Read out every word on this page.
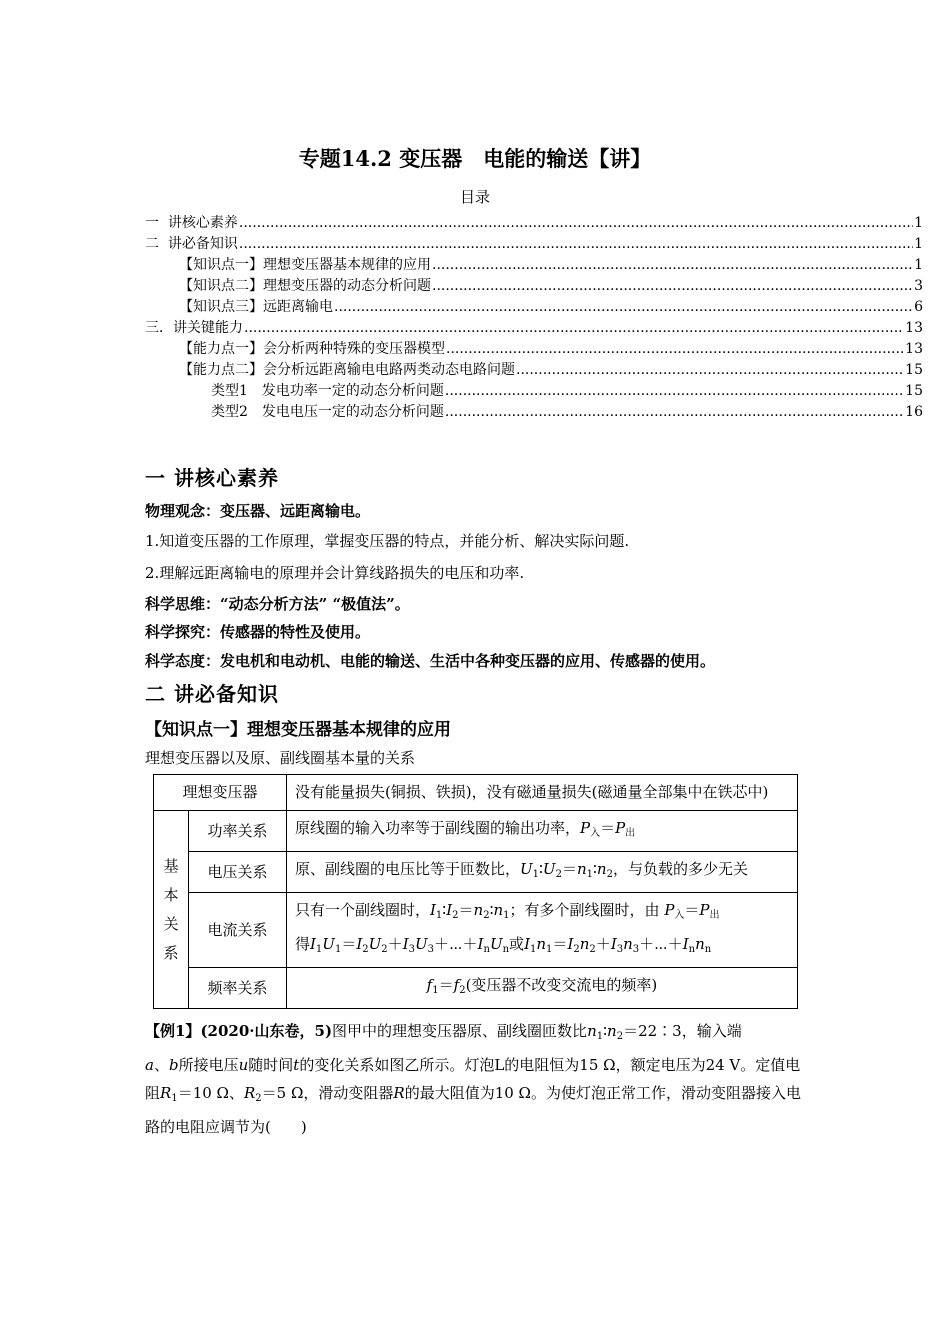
专题14.2 变压器　电能的输送【讲】
目录
一  讲核心素养 .....	1
二  讲必备知识 .....	1
【知识点一】理想变压器基本规律的应用 .....	1
【知识点二】理想变压器的动态分析问题 .....	3
【知识点三】远距离输电 .....	6
三．讲关键能力 .....	13
【能力点一】会分析两种特殊的变压器模型 .....	13
【能力点二】会分析远距离输电电路两类动态电路问题 .....	15
类型1　发电功率一定的动态分析问题 .....	15
类型2　发电电压一定的动态分析问题 .....	16
一 讲核心素养
物理观念：变压器、远距离输电。
1.知道变压器的工作原理，掌握变压器的特点，并能分析、解决实际问题.
2.理解远距离输电的原理并会计算线路损失的电压和功率.
科学思维：“动态分析方法” “极值法”。
科学探究：传感器的特性及使用。
科学态度：发电机和电动机、电能的输送、生活中各种变压器的应用、传感器的使用。
二 讲必备知识
【知识点一】理想变压器基本规律的应用
理想变压器以及原、副线圈基本量的关系
理想变压器		没有能量损失(铜损、铁损)，没有磁通量损失(磁通量全部集中在铁芯中)

基
本
关
系	功率关系	原线圈的输入功率等于副线圈的输出功率，$P_入=P_出$
	电压关系	原、副线圈的电压比等于匝数比，$U_1∶U_2=n_1∶n_2$，与负载的多少无关
	电流关系	只有一个副线圈时，$I_1∶I_2=n_2∶n_1$；有多个副线圈时，由 $P_入=P_出$
得$I_1U_1=I_2U_2+I_3U_3+\cdots+I_nU_n$或$I_1n_1=I_2n_2+I_3n_3+\cdots+I_nn_n$
	频率关系	$f_1=f_2$(变压器不改变交流电的频率)
【例1】(2020·山东卷，5)图甲中的理想变压器原、副线圈匝数比$n_1∶n_2=22∶3$，输入端
a、b所接电压u随时间t的变化关系如图乙所示。灯泡L的电阻恒为15 Ω，额定电压为24 V。定值电阻$R_1=10$ Ω、$R_2=5$ Ω，滑动变阻器R的最大阻值为10 Ω。为使灯泡正常工作，滑动变阻器接入电路的电阻应调节为(　　)
